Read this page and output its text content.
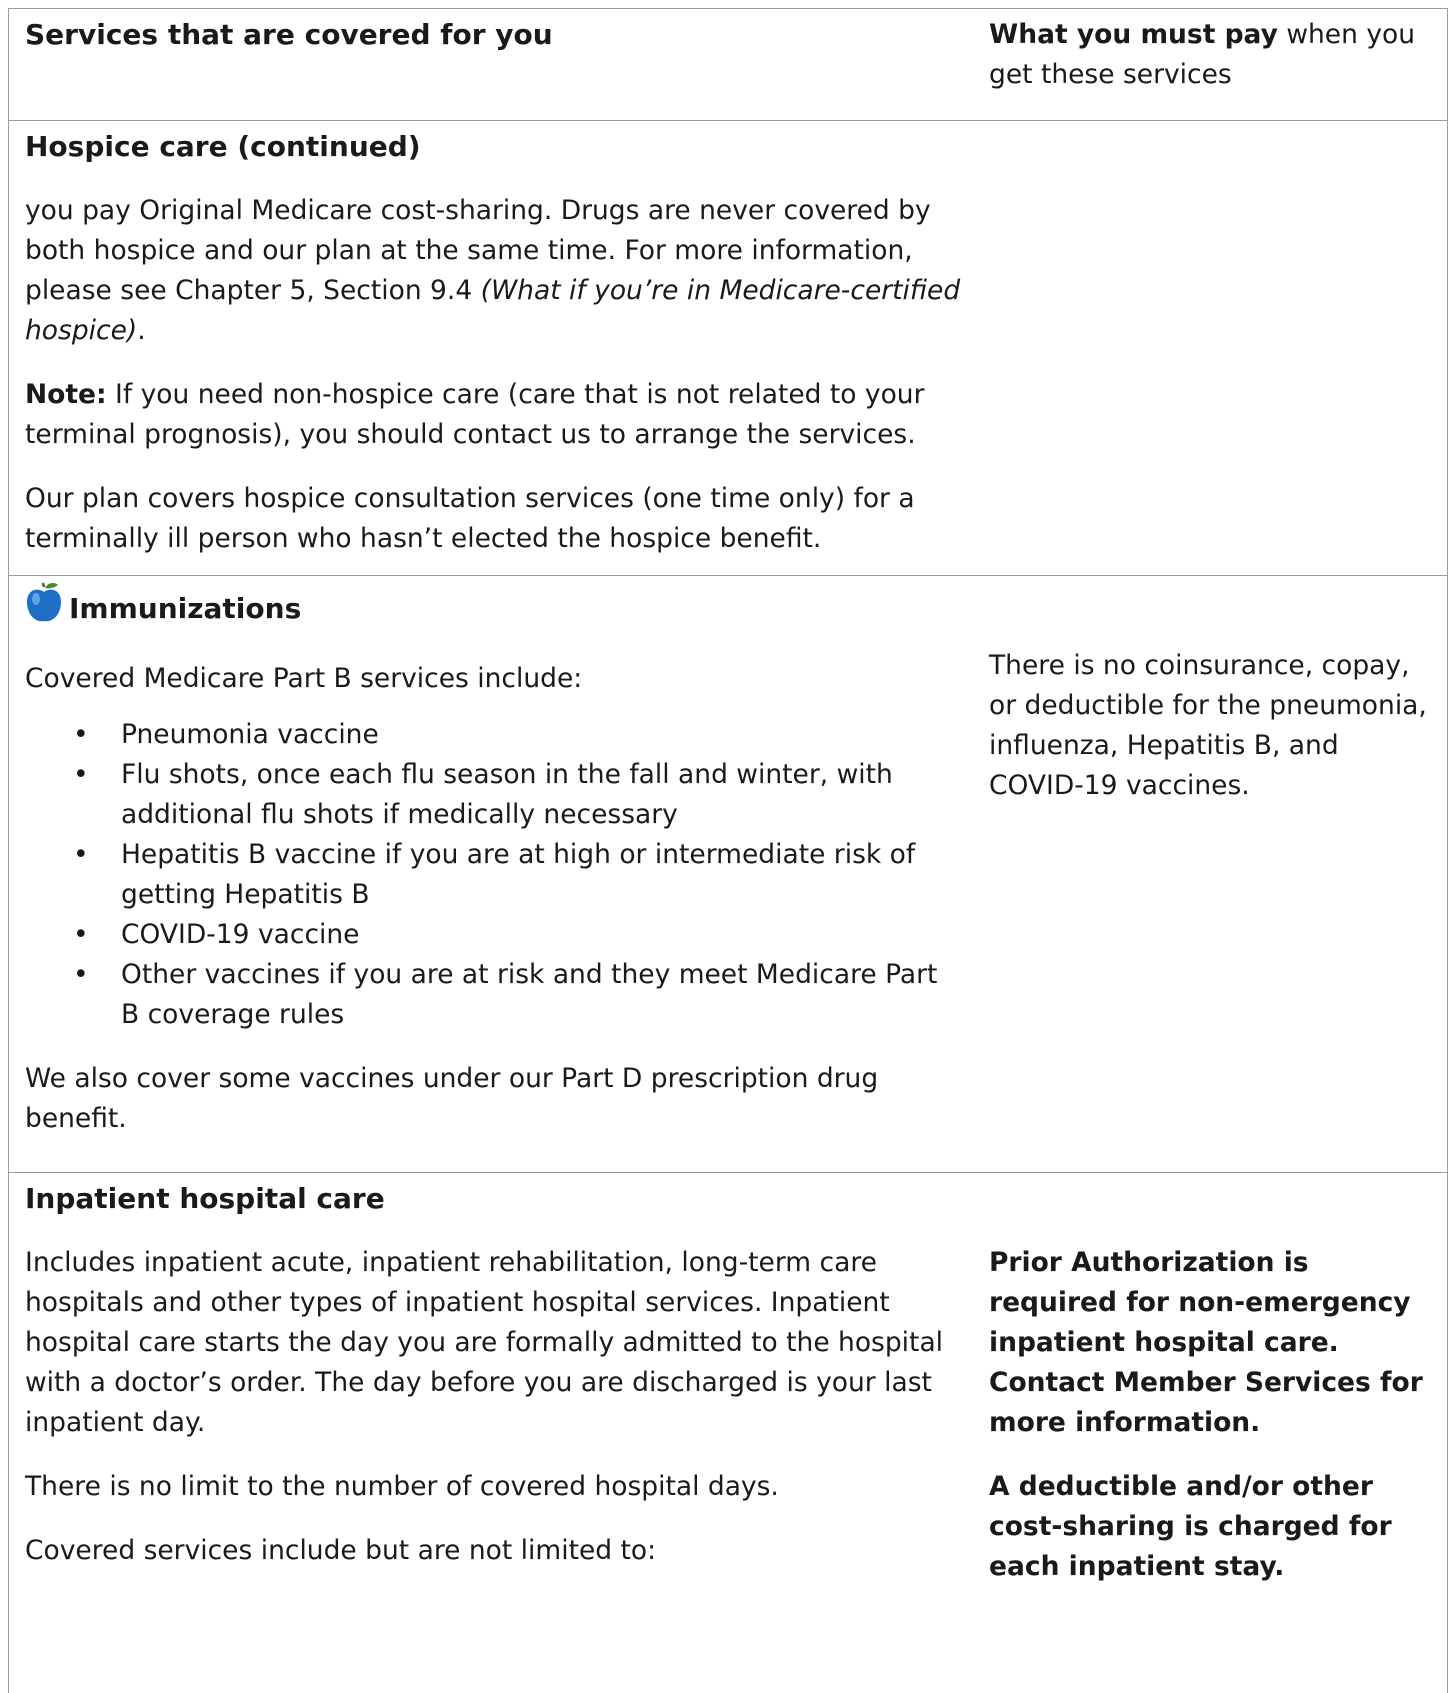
Services that are covered for you	What you must pay when you get these services

Hospice care (continued)

you pay Original Medicare cost-sharing. Drugs are never covered by both hospice and our plan at the same time. For more information, please see Chapter 5, Section 9.4 (What if you’re in Medicare-certified hospice).

Note: If you need non-hospice care (care that is not related to your terminal prognosis), you should contact us to arrange the services.

Our plan covers hospice consultation services (one time only) for a terminally ill person who hasn’t elected the hospice benefit.

Immunizations

Covered Medicare Part B services include:

• Pneumonia vaccine
• Flu shots, once each flu season in the fall and winter, with additional flu shots if medically necessary
• Hepatitis B vaccine if you are at high or intermediate risk of getting Hepatitis B
• COVID-19 vaccine
• Other vaccines if you are at risk and they meet Medicare Part B coverage rules

We also cover some vaccines under our Part D prescription drug benefit.

There is no coinsurance, copay, or deductible for the pneumonia, influenza, Hepatitis B, and COVID-19 vaccines.

Inpatient hospital care

Includes inpatient acute, inpatient rehabilitation, long-term care hospitals and other types of inpatient hospital services. Inpatient hospital care starts the day you are formally admitted to the hospital with a doctor’s order. The day before you are discharged is your last inpatient day.

There is no limit to the number of covered hospital days.

Covered services include but are not limited to:

Prior Authorization is required for non-emergency inpatient hospital care. Contact Member Services for more information.

A deductible and/or other cost-sharing is charged for each inpatient stay.
